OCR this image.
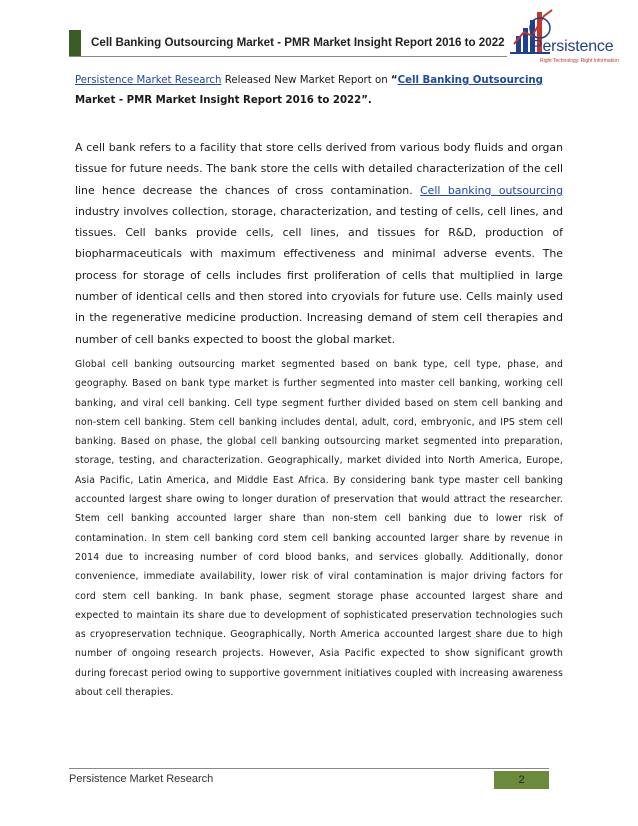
Cell Banking Outsourcing Market - PMR Market Insight Report 2016 to 2022 Persistence
Right Technology, Right Information
Persistence Market Research Released New Market Report on “Cell Banking Outsourcing
Market - PMR Market Insight Report 2016 to 2022”.
A cell bank refers to a facility that store cells derived from various body fluids and organ tissue for future needs. The bank store the cells with detailed characterization of the cell line hence decrease the chances of cross contamination. Cell banking outsourcing industry involves collection, storage, characterization, and testing of cells, cell lines, and tissues. Cell banks provide cells, cell lines, and tissues for R&D, production of biopharmaceuticals with maximum effectiveness and minimal adverse events. The process for storage of cells includes first proliferation of cells that multiplied in large number of identical cells and then stored into cryovials for future use. Cells mainly used in the regenerative medicine production. Increasing demand of stem cell therapies and number of cell banks expected to boost the global market.
Global cell banking outsourcing market segmented based on bank type, cell type, phase, and geography. Based on bank type market is further segmented into master cell banking, working cell banking, and viral cell banking. Cell type segment further divided based on stem cell banking and non-stem cell banking. Stem cell banking includes dental, adult, cord, embryonic, and IPS stem cell banking. Based on phase, the global cell banking outsourcing market segmented into preparation, storage, testing, and characterization. Geographically, market divided into North America, Europe, Asia Pacific, Latin America, and Middle East Africa. By considering bank type master cell banking accounted largest share owing to longer duration of preservation that would attract the researcher. Stem cell banking accounted larger share than non-stem cell banking due to lower risk of contamination. In stem cell banking cord stem cell banking accounted larger share by revenue in 2014 due to increasing number of cord blood banks, and services globally. Additionally, donor convenience, immediate availability, lower risk of viral contamination is major driving factors for cord stem cell banking. In bank phase, segment storage phase accounted largest share and expected to maintain its share due to development of sophisticated preservation technologies such as cryopreservation technique. Geographically, North America accounted largest share due to high number of ongoing research projects. However, Asia Pacific expected to show significant growth during forecast period owing to supportive government initiatives coupled with increasing awareness about cell therapies.
Persistence Market Research	2
